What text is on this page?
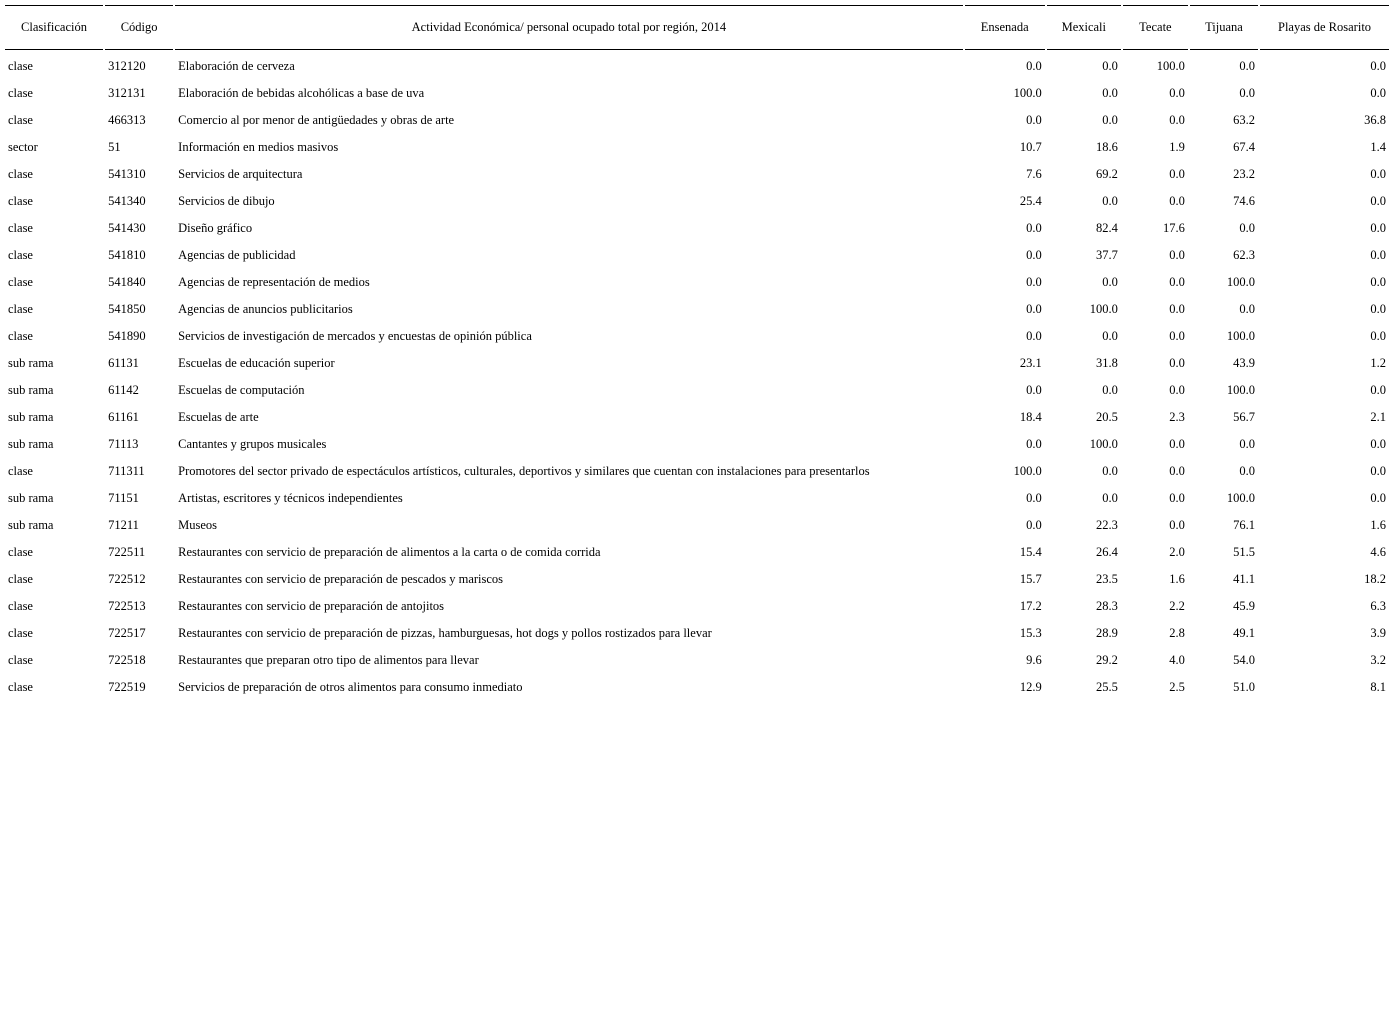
Clasificación	Código	Actividad Económica/ personal ocupado total por región, 2014	Ensenada	Mexicali	Tecate	Tijuana	Playas de Rosarito
clase	312120	Elaboración de cerveza	0.0	0.0	100.0	0.0	0.0
clase	312131	Elaboración de bebidas alcohólicas a base de uva	100.0	0.0	0.0	0.0	0.0
clase	466313	Comercio al por menor de antigüedades y obras de arte	0.0	0.0	0.0	63.2	36.8
sector	51	Información en medios masivos	10.7	18.6	1.9	67.4	1.4
clase	541310	Servicios de arquitectura	7.6	69.2	0.0	23.2	0.0
clase	541340	Servicios de dibujo	25.4	0.0	0.0	74.6	0.0
clase	541430	Diseño gráfico	0.0	82.4	17.6	0.0	0.0
clase	541810	Agencias de publicidad	0.0	37.7	0.0	62.3	0.0
clase	541840	Agencias de representación de medios	0.0	0.0	0.0	100.0	0.0
clase	541850	Agencias de anuncios publicitarios	0.0	100.0	0.0	0.0	0.0
clase	541890	Servicios de investigación de mercados y encuestas de opinión pública	0.0	0.0	0.0	100.0	0.0
sub rama	61131	Escuelas de educación superior	23.1	31.8	0.0	43.9	1.2
sub rama	61142	Escuelas de computación	0.0	0.0	0.0	100.0	0.0
sub rama	61161	Escuelas de arte	18.4	20.5	2.3	56.7	2.1
sub rama	71113	Cantantes y grupos musicales	0.0	100.0	0.0	0.0	0.0
clase	711311	Promotores del sector privado de espectáculos artísticos, culturales, deportivos y similares que cuentan con instalaciones para presentarlos	100.0	0.0	0.0	0.0	0.0
sub rama	71151	Artistas, escritores y técnicos independientes	0.0	0.0	0.0	100.0	0.0
sub rama	71211	Museos	0.0	22.3	0.0	76.1	1.6
clase	722511	Restaurantes con servicio de preparación de alimentos a la carta o de comida corrida	15.4	26.4	2.0	51.5	4.6
clase	722512	Restaurantes con servicio de preparación de pescados y mariscos	15.7	23.5	1.6	41.1	18.2
clase	722513	Restaurantes con servicio de preparación de antojitos	17.2	28.3	2.2	45.9	6.3
clase	722517	Restaurantes con servicio de preparación de pizzas, hamburguesas, hot dogs y pollos rostizados para llevar	15.3	28.9	2.8	49.1	3.9
clase	722518	Restaurantes que preparan otro tipo de alimentos para llevar	9.6	29.2	4.0	54.0	3.2
clase	722519	Servicios de preparación de otros alimentos para consumo inmediato	12.9	25.5	2.5	51.0	8.1
